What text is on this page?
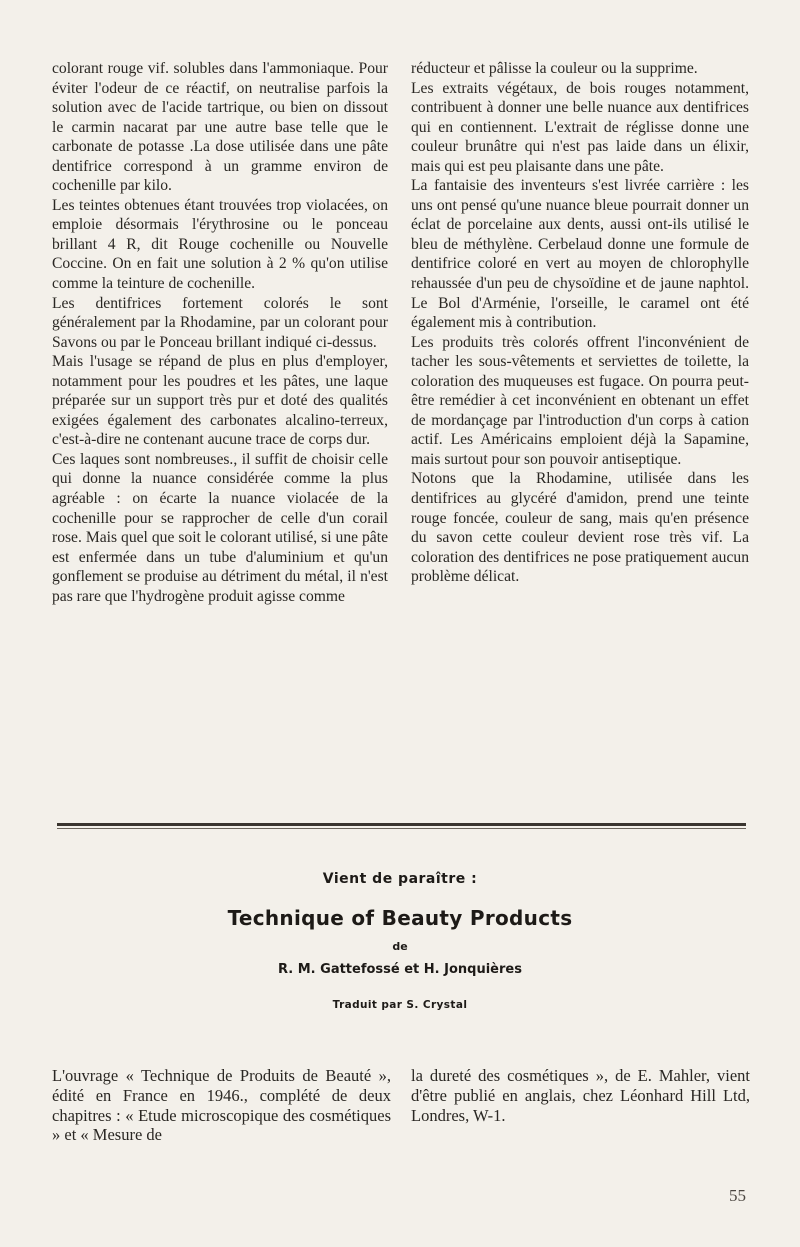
colorant rouge vif. solubles dans l'ammoniaque. Pour éviter l'odeur de ce réactif, on neutralise parfois la solution avec de l'acide tartrique, ou bien on dissout le carmin nacarat par une autre base telle que le carbonate de potasse .La dose utilisée dans une pâte dentifrice correspond à un gramme environ de cochenille par kilo.

Les teintes obtenues étant trouvées trop violacées, on emploie désormais l'érythrosine ou le ponceau brillant 4 R, dit Rouge cochenille ou Nouvelle Coccine. On en fait une solution à 2 % qu'on utilise comme la teinture de cochenille.

Les dentifrices fortement colorés le sont généralement par la Rhodamine, par un colorant pour Savons ou par le Ponceau brillant indiqué ci-dessus.

Mais l'usage se répand de plus en plus d'employer, notamment pour les poudres et les pâtes, une laque préparée sur un support très pur et doté des qualités exigées également des carbonates alcalino-terreux, c'est-à-dire ne contenant aucune trace de corps dur.

Ces laques sont nombreuses., il suffit de choisir celle qui donne la nuance considérée comme la plus agréable : on écarte la nuance violacée de la cochenille pour se rapprocher de celle d'un corail rose. Mais quel que soit le colorant utilisé, si une pâte est enfermée dans un tube d'aluminium et qu'un gonflement se produise au détriment du métal, il n'est pas rare que l'hydrogène produit agisse comme

réducteur et pâlisse la couleur ou la supprime.

Les extraits végétaux, de bois rouges notamment, contribuent à donner une belle nuance aux dentifrices qui en contiennent. L'extrait de réglisse donne une couleur brunâtre qui n'est pas laide dans un élixir, mais qui est peu plaisante dans une pâte.

La fantaisie des inventeurs s'est livrée carrière : les uns ont pensé qu'une nuance bleue pourrait donner un éclat de porcelaine aux dents, aussi ont-ils utilisé le bleu de méthylène. Cerbelaud donne une formule de dentifrice coloré en vert au moyen de chlorophylle rehaussée d'un peu de chysoïdine et de jaune naphtol. Le Bol d'Arménie, l'orseille, le caramel ont été également mis à contribution.

Les produits très colorés offrent l'inconvénient de tacher les sous-vêtements et serviettes de toilette, la coloration des muqueuses est fugace. On pourra peut-être remédier à cet inconvénient en obtenant un effet de mordançage par l'introduction d'un corps à cation actif. Les Américains emploient déjà la Sapamine, mais surtout pour son pouvoir antiseptique.

Notons que la Rhodamine, utilisée dans les dentifrices au glycéré d'amidon, prend une teinte rouge foncée, couleur de sang, mais qu'en présence du savon cette couleur devient rose très vif. La coloration des dentifrices ne pose pratiquement aucun problème délicat.

Vient de paraître :
Technique of Beauty Products
de
R. M. Gattefossé et H. Jonquières
Traduit par S. Crystal
L'ouvrage « Technique de Produits de Beauté », édité en France en 1946., complété de deux chapitres : « Etude microscopique des cosmétiques » et « Mesure de
la dureté des cosmétiques », de E. Mahler, vient d'être publié en anglais, chez Léonhard Hill Ltd, Londres, W-1.
55
